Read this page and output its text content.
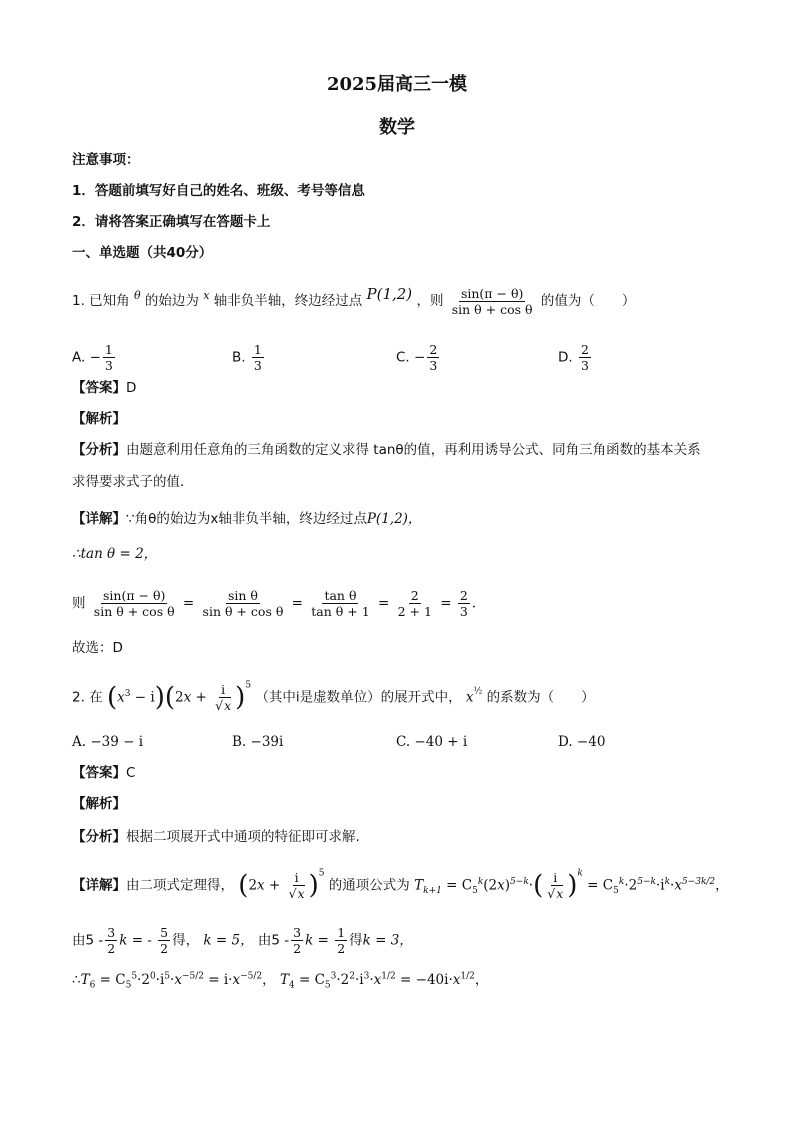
2025届高三一模
数学
注意事项：
1．答题前填写好自己的姓名、班级、考号等信息
2．请将答案正确填写在答题卡上
一、单选题（共40分）
1. 已知角 $^\theta$ 的始边为 $^x$ 轴非负半轴，终边经过点 P(1,2) ，则 $\frac{\sin(\pi - \theta)}{\text{sin θ + cos θ}}$ 的值为（　　）
A. − $\frac{1}{3}$	B. $\frac{1}{3}$	C. − $\frac{2}{3}$	D. $\frac{2}{3}$
【答案】D
【解析】
【分析】由题意利用任意角的三角函数的定义求得 tanθ的值，再利用诱导公式、同角三角函数的基本关系
求得要求式子的值．
【详解】∵角θ的始边为x轴非负半轴，终边经过点P(1,2)，
∴tan θ = 2，
则 $\frac{\sin(\pi - \theta)}{\text{sin θ + cos θ}} = \frac{\text{sin θ}}{\text{sin θ + cos θ}} = \frac{\text{tan θ}}{\text{tan θ + 1}} = \frac{2}{2 + 1} = \frac{2}{3}$ .
故选：D
2. 在 $(x^3 - i)(2x + \frac{i}{√x} )^5$ （其中i是虚数单位）的展开式中， $x^{\frac{1}{2}}$ 的系数为（　　）
A. −39 − i	B. −39i	C. −40 + i	D. −40
【答案】C
【解析】
【分析】根据二项展开式中通项的特征即可求解.
【详解】由二项式定理得， $(2x + \frac{i}{√x} )^5$ 的通项公式为 $T_{k+1} = C_5^k(2x)^{5-k}\cdot( \frac{i}{√x} )^k = C_5^k\cdot 2^{5-k}\cdot i^k\cdot x^{5-3k/2}$，
由$5 - \frac{3}{2}$ k = - $\frac{5}{2}$ 得， k = 5， 由$5 - \frac{3}{2}$ $k = \frac{1}{2}$ 得k = 3，
$\therefore T_6 = C_5^5\cdot 2^0\cdot i^5\cdot x^{-5/2} = i\cdot x^{-5/2}$， $T_4 = C_5^3\cdot 2^2\cdot i^3\cdot x^{1/2} = -40i\cdot x^{1/2}$，
